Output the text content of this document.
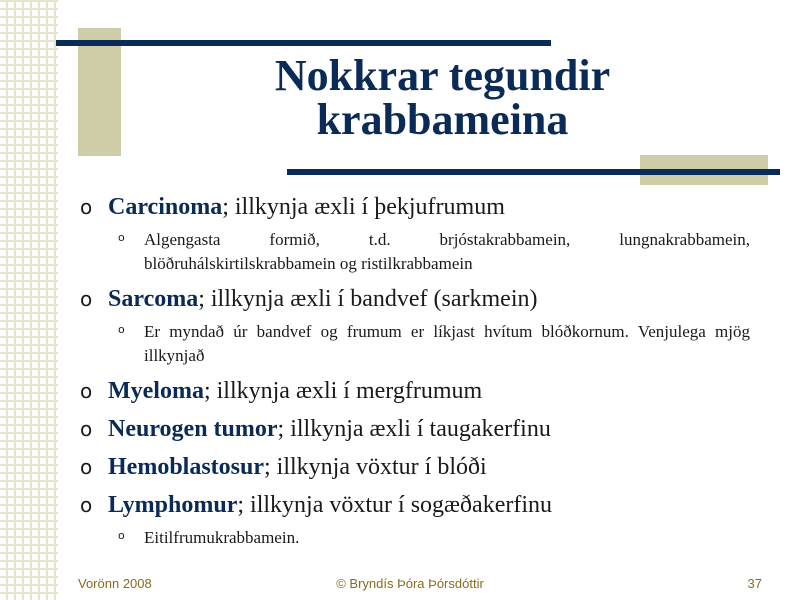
Nokkrar tegundir
krabbameina
o Carcinoma; illkynja æxli í þekjufrumum
o Algengasta formið, t.d. brjóstakrabbamein, lungnakrabbamein, blöðruhálskirtilskrabbamein og ristilkrabbamein
o Sarcoma; illkynja æxli í bandvef (sarkmein)
o Er myndað úr bandvef og frumum er líkjast hvítum blóðkornum. Venjulega mjög illkynjað
o Myeloma; illkynja æxli í mergfrumum
o Neurogen tumor; illkynja æxli í taugakerfinu
o Hemoblastosur; illkynja vöxtur í blóði
o Lymphomur; illkynja vöxtur í sogæðakerfinu
o Eitilfrumukrabbamein.
Vorönn 2008	© Bryndís Þóra Þórsdóttir	37
